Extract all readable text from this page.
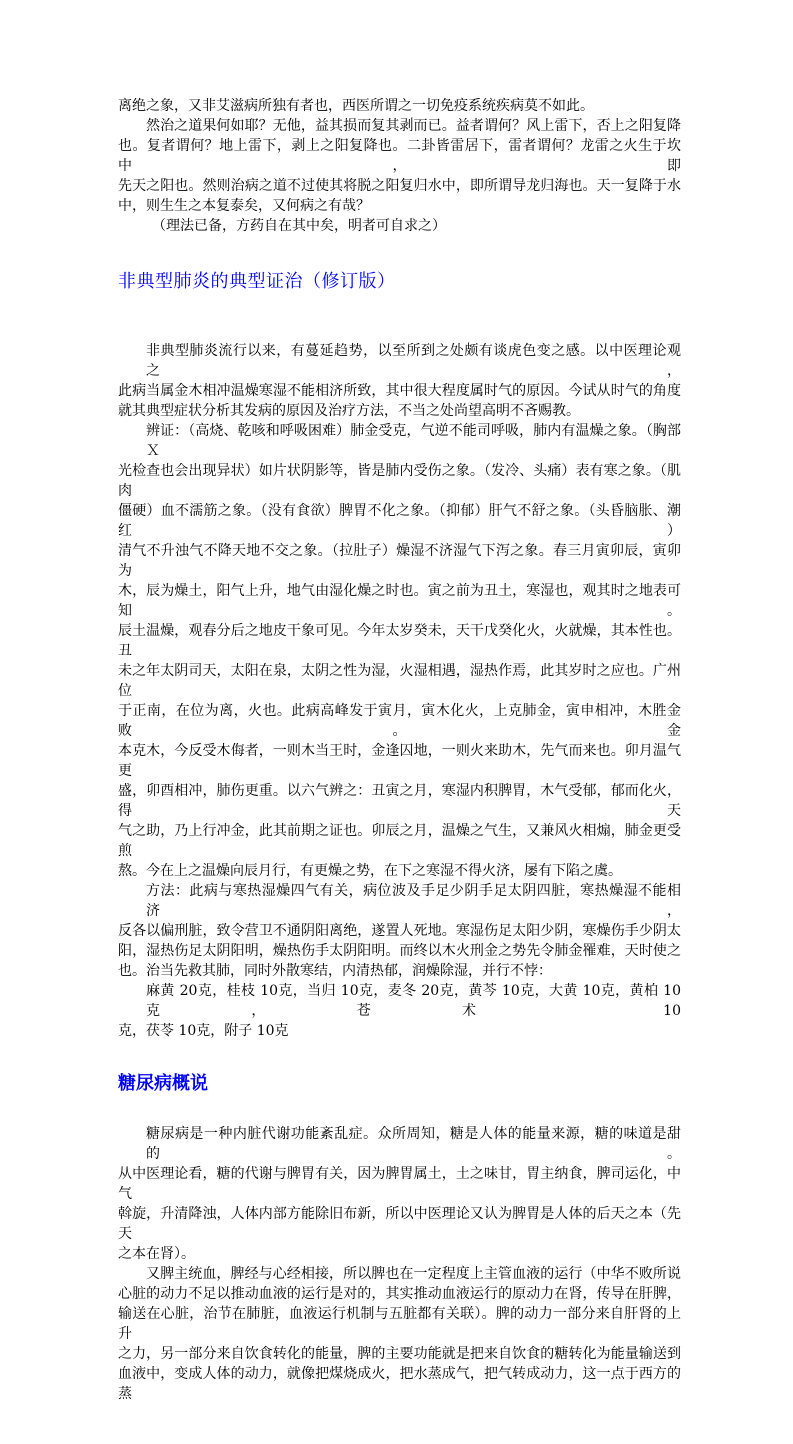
离绝之象，又非艾滋病所独有者也，西医所谓之一切免疫系统疾病莫不如此。
然治之道果何如耶？无他，益其损而复其剥而已。益者谓何？风上雷下，否上之阳复降
也。复者谓何？地上雷下，剥上之阳复降也。二卦皆雷居下，雷者谓何？龙雷之火生于坎中，即
先天之阳也。然则治病之道不过使其将脱之阳复归水中，即所谓导龙归海也。天一复降于水
中，则生生之本复泰矣，又何病之有哉？
（理法已备，方药自在其中矣，明者可自求之）
非典型肺炎的典型证治（修订版）
非典型肺炎流行以来，有蔓延趋势，以至所到之处颇有谈虎色变之感。以中医理论观之，
此病当属金木相冲温燥寒湿不能相济所致，其中很大程度属时气的原因。今试从时气的角度
就其典型症状分析其发病的原因及治疗方法，不当之处尚望高明不吝赐教。
辨证：（高烧、乾咳和呼吸困难）肺金受克，气逆不能司呼吸，肺内有温燥之象。（胸部Ｘ
光检查也会出现异状）如片状阴影等，皆是肺内受伤之象。（发冷、头痛）表有寒之象。（肌肉
僵硬）血不濡筋之象。（没有食欲）脾胃不化之象。（抑郁）肝气不舒之象。（头昏脑胀、潮红）
清气不升浊气不降天地不交之象。（拉肚子）燥湿不济湿气下泻之象。春三月寅卯辰，寅卯为
木，辰为燥土，阳气上升，地气由湿化燥之时也。寅之前为丑土，寒湿也，观其时之地表可知。
辰土温燥，观春分后之地皮干象可见。今年太岁癸未，天干戊癸化火，火就燥，其本性也。丑
未之年太阴司天，太阳在泉，太阴之性为湿，火湿相遇，湿热作焉，此其岁时之应也。广州位
于正南，在位为离，火也。此病高峰发于寅月，寅木化火，上克肺金，寅申相冲，木胜金败。金
本克木，今反受木侮者，一则木当王时，金逢囚地，一则火来助木，先气而来也。卯月温气更
盛，卯酉相冲，肺伤更重。以六气辨之：丑寅之月，寒湿内积脾胃，木气受郁，郁而化火，得天
气之助，乃上行冲金，此其前期之证也。卯辰之月，温燥之气生，又兼风火相煽，肺金更受煎
熬。今在上之温燥向辰月行，有更燥之势，在下之寒湿不得火济，屡有下陷之虞。
方法：此病与寒热湿燥四气有关，病位波及手足少阴手足太阴四脏，寒热燥湿不能相济，
反各以偏刑脏，致令营卫不通阴阳离绝，遂置人死地。寒湿伤足太阳少阴，寒燥伤手少阴太
阳，湿热伤足太阴阳明，燥热伤手太阴阳明。而终以木火刑金之势先令肺金罹难，天时使之
也。治当先救其肺，同时外散寒结，内清热郁，润燥除湿，并行不悖：
麻黄 20克，桂枝 10克，当归 10克，麦冬 20克，黄芩 10克，大黄 10克，黄柏 10克，苍术 10
克，茯苓 10克，附子 10克
糖尿病概说
糖尿病是一种内脏代谢功能紊乱症。众所周知，糖是人体的能量来源，糖的味道是甜的。
从中医理论看，糖的代谢与脾胃有关，因为脾胃属土，土之味甘，胃主纳食，脾司运化，中气
斡旋，升清降浊，人体内部方能除旧布新，所以中医理论又认为脾胃是人体的后天之本（先天
之本在肾）。
又脾主统血，脾经与心经相接，所以脾也在一定程度上主管血液的运行（中华不败所说
心脏的动力不足以推动血液的运行是对的，其实推动血液运行的原动力在肾，传导在肝脾，
输送在心脏，治节在肺脏，血液运行机制与五脏都有关联）。脾的动力一部分来自肝肾的上升
之力，另一部分来自饮食转化的能量，脾的主要功能就是把来自饮食的糖转化为能量输送到
血液中，变成人体的动力，就像把煤烧成火，把水蒸成气，把气转成动力，这一点于西方的蒸
